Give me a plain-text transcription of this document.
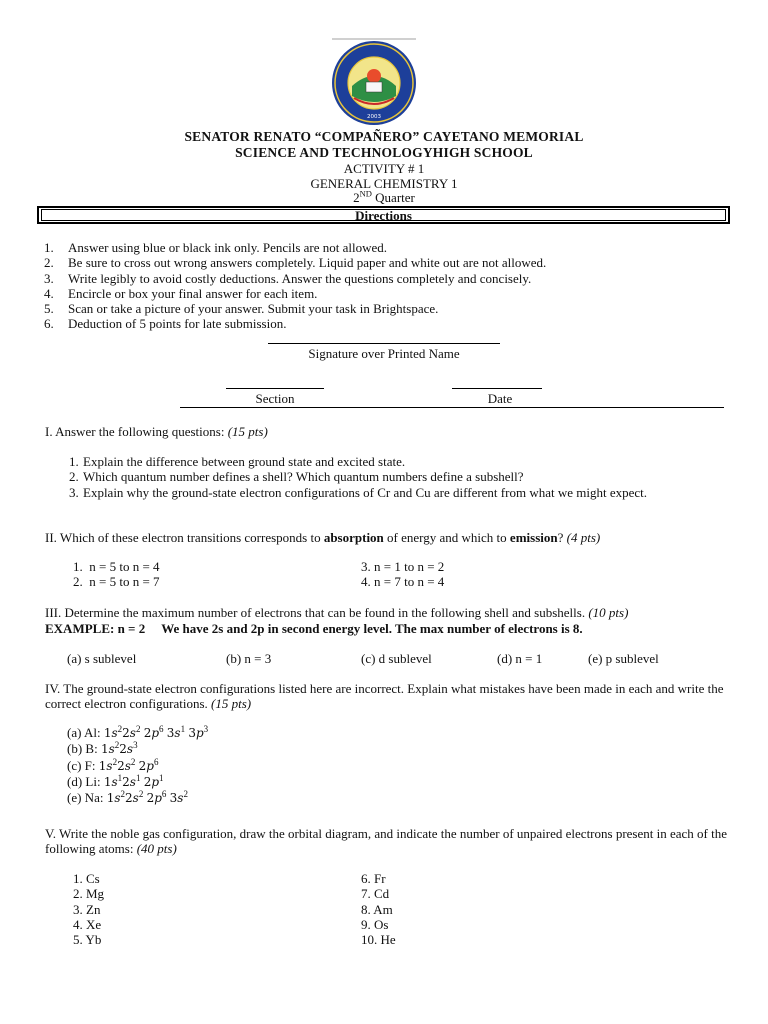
2003
SENATOR RENATO “COMPAÑERO” CAYETANO MEMORIAL
SCIENCE AND TECHNOLOGYHIGH SCHOOL
ACTIVITY # 1
GENERAL CHEMISTRY 1
2ND Quarter
Directions
1. Answer using blue or black ink only. Pencils are not allowed.
2. Be sure to cross out wrong answers completely. Liquid paper and white out are not allowed.
3. Write legibly to avoid costly deductions. Answer the questions completely and concisely.
4. Encircle or box your final answer for each item.
5. Scan or take a picture of your answer. Submit your task in Brightspace.
6. Deduction of 5 points for late submission.
Signature over Printed Name
Section	Date
I. Answer the following questions: (15 pts)
1. Explain the difference between ground state and excited state.
2. Which quantum number defines a shell? Which quantum numbers define a subshell?
3. Explain why the ground-state electron configurations of Cr and Cu are different from what we might expect.
II. Which of these electron transitions corresponds to absorption of energy and which to emission? (4 pts)
1. n = 5 to n = 4
2. n = 5 to n = 7
3. n = 1 to n = 2
4. n = 7 to n = 4
III. Determine the maximum number of electrons that can be found in the following shell and subshells. (10 pts)
EXAMPLE: n = 2 We have 2s and 2p in second energy level. The max number of electrons is 8.
(a) s sublevel	(b) n = 3	(c) d sublevel	(d) n = 1	(e) p sublevel
IV. The ground-state electron configurations listed here are incorrect. Explain what mistakes have been made in each and write the correct electron configurations. (15 pts)
(a) Al: $1s^22s^2$ $2p^6$ $3s^1$ $3p^3$
(b) B: $1s^22s^3$
(c) F: $1s^22s^2$ $2p^6$
(d) Li: $1s^12s^1$ $2p^1$
(e) Na: $1s^22s^2$ $2p^6$ $3s^2$
V. Write the noble gas configuration, draw the orbital diagram, and indicate the number of unpaired electrons present in each of the following atoms: (40 pts)
1. Cs
2. Mg
3. Zn
4. Xe
5. Yb
6. Fr
7. Cd
8. Am
9. Os
10. He
